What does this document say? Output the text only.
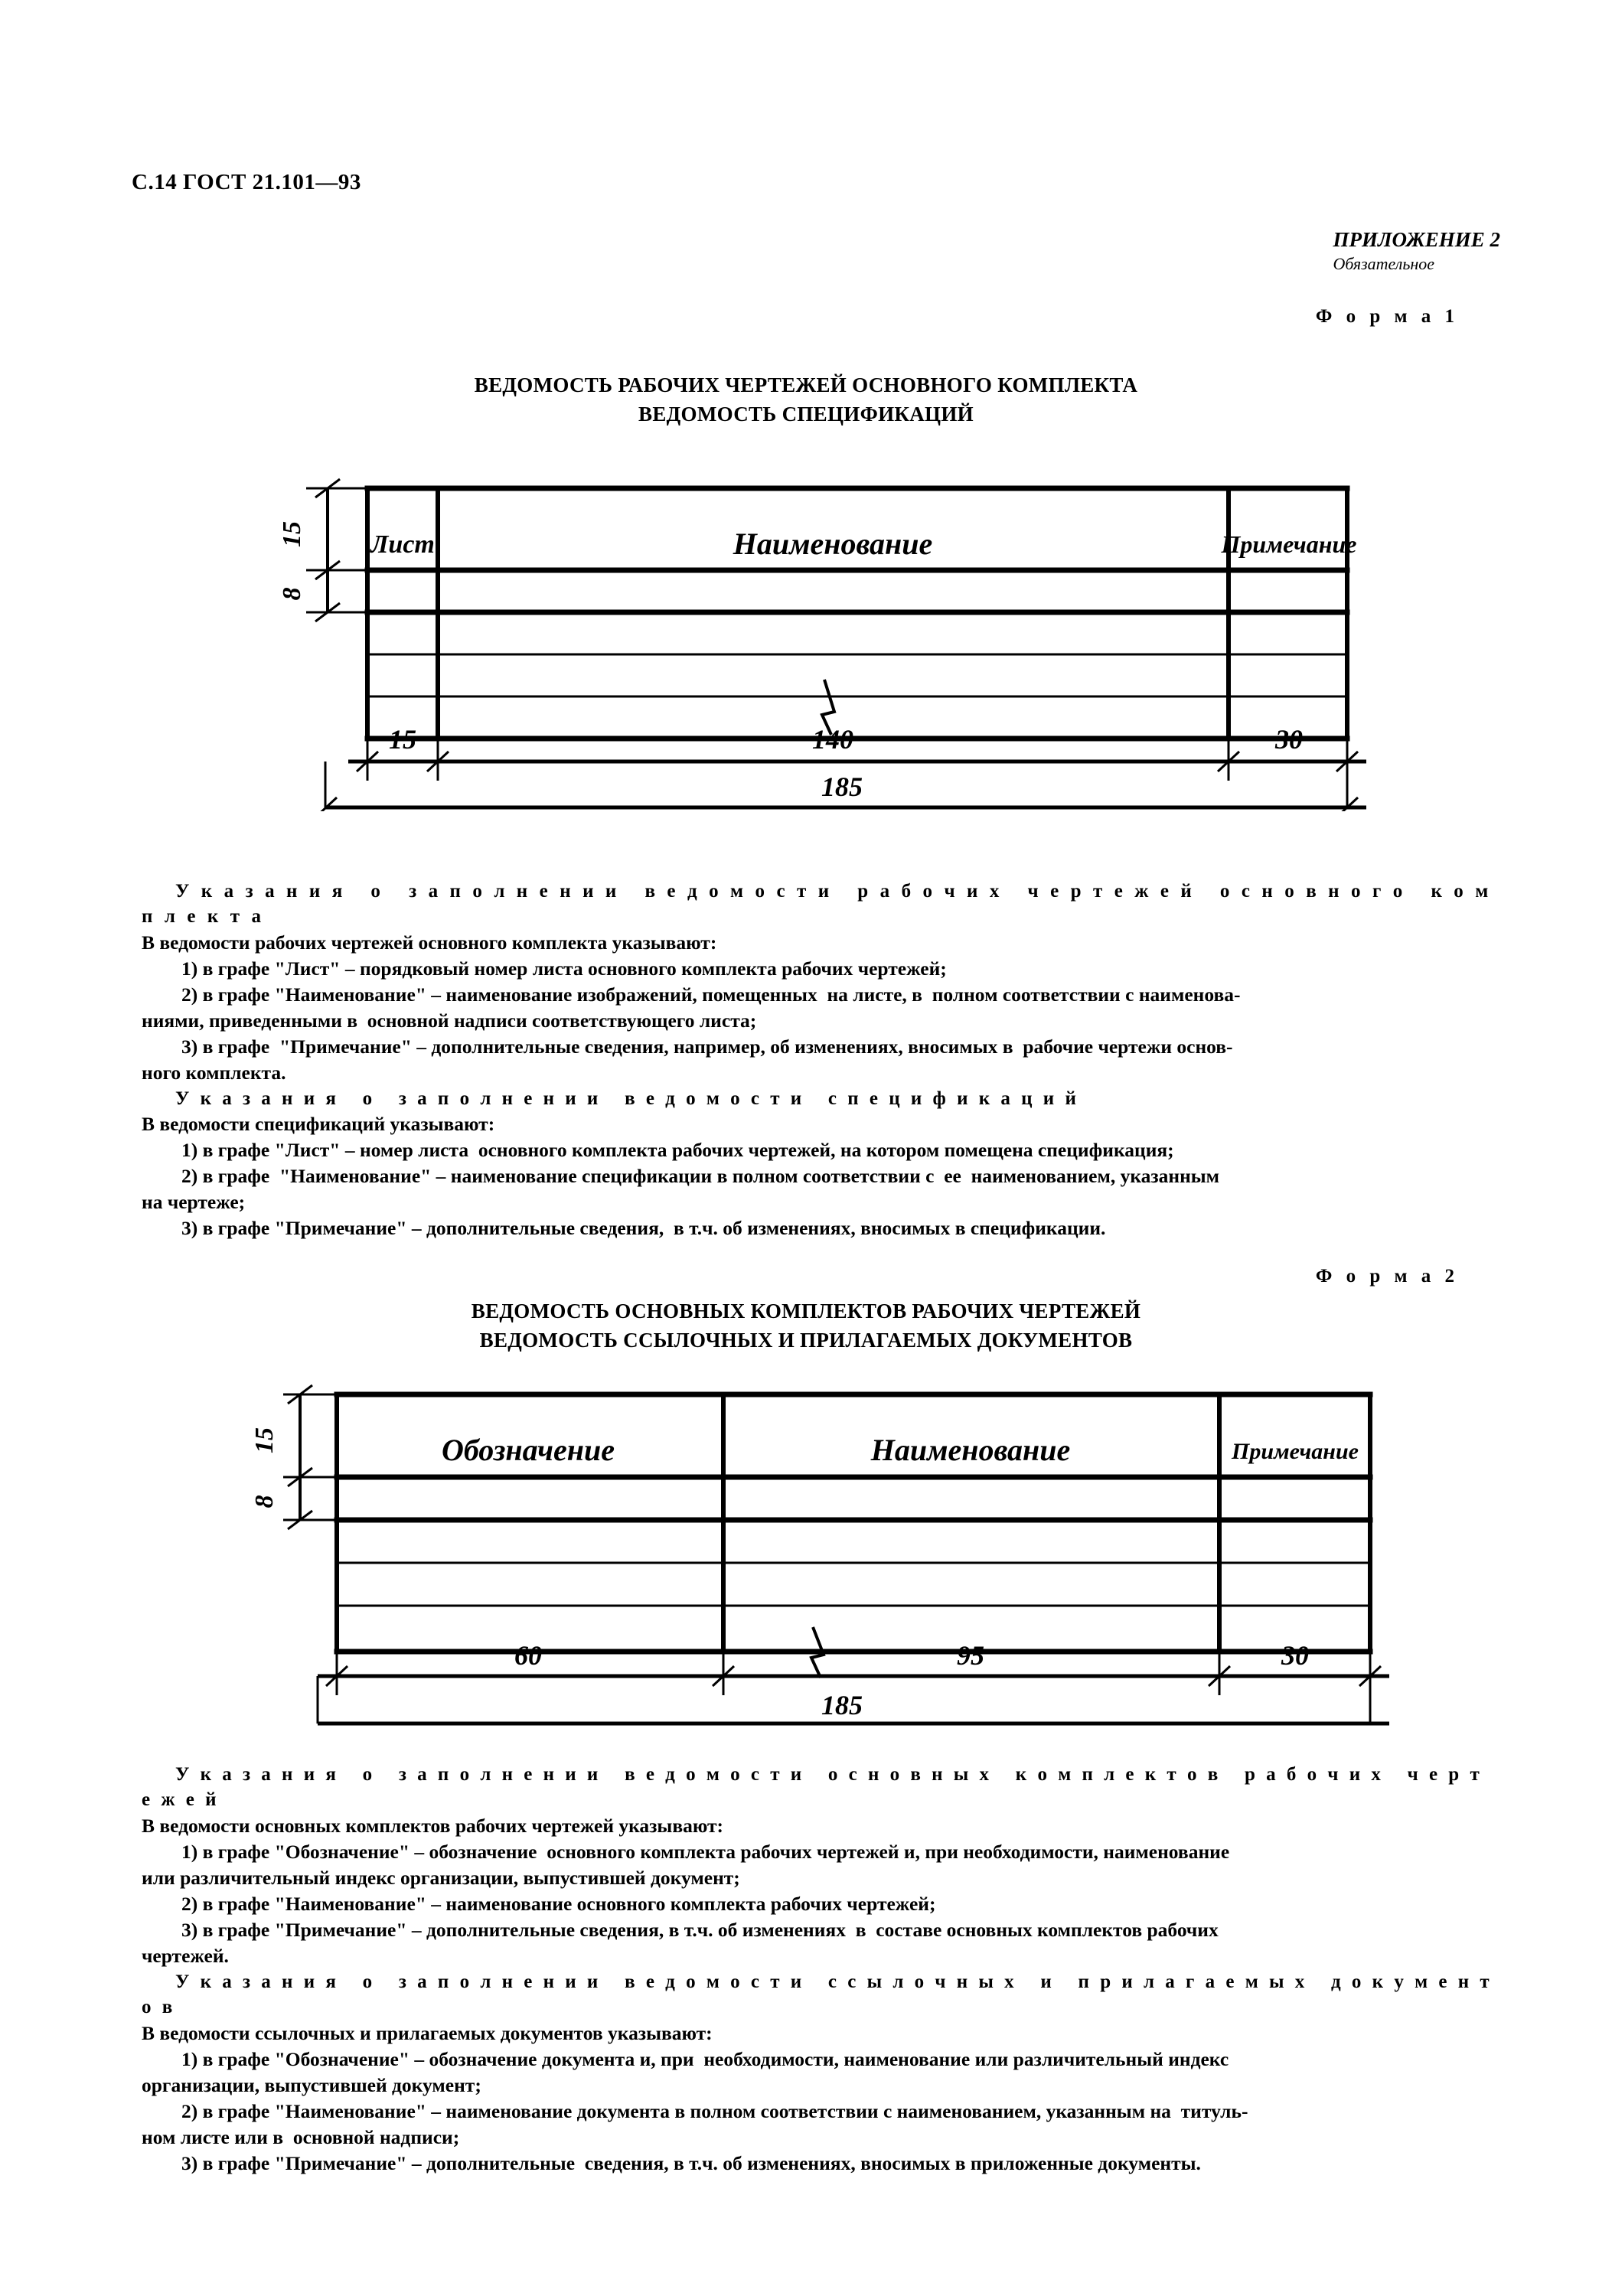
С.14 ГОСТ 21.101—93
ПРИЛОЖЕНИЕ 2
Обязательное
Ф о р м а 1
ВЕДОМОСТЬ РАБОЧИХ ЧЕРТЕЖЕЙ ОСНОВНОГО КОМПЛЕКТА
ВЕДОМОСТЬ СПЕЦИФИКАЦИЙ
15
8
Лист	Наименование	Примечание
15	140	30
185

У к а з а н и я   о   з а п о л н е н и и   в е д о м о с т и   р а б о ч и х   ч е р т е ж е й   о с н о в н о г о   к о м п л е к т а

В ведомости рабочих чертежей основного комплекта указывают:

1) в графе "Лист" – порядковый номер листа основного комплекта рабочих чертежей;

2) в графе "Наименование" – наименование изображений, помещенных  на листе, в  полном соответствии с наименова-

ниями, приведенными в  основной надписи соответствующего листа;

3) в графе  "Примечание" – дополнительные сведения, например, об изменениях, вносимых в  рабочие чертежи основ-

ного комплекта.

У к а з а н и я   о   з а п о л н е н и и   в е д о м о с т и   с п е ц и ф и к а ц и й

В ведомости спецификаций указывают:

1) в графе "Лист" – номер листа  основного комплекта рабочих чертежей, на котором помещена спецификация;

2) в графе  "Наименование" – наименование спецификации в полном соответствии с  ее  наименованием, указанным

на чертеже;

3) в графе "Примечание" – дополнительные сведения,  в т.ч. об изменениях, вносимых в спецификации.

Ф о р м а 2
ВЕДОМОСТЬ ОСНОВНЫХ КОМПЛЕКТОВ РАБОЧИХ ЧЕРТЕЖЕЙ
ВЕДОМОСТЬ ССЫЛОЧНЫХ И ПРИЛАГАЕМЫХ ДОКУМЕНТОВ
15
8
Обозначение	Наименование	Примечание
60	95	30
185

У к а з а н и я   о   з а п о л н е н и и   в е д о м о с т и   о с н о в н ы х   к о м п л е к т о в   р а б о ч и х   ч е р т е ж е й

В ведомости основных комплектов рабочих чертежей указывают:

1) в графе "Обозначение" – обозначение  основного комплекта рабочих чертежей и, при необходимости, наименование

или различительный индекс организации, выпустившей документ;

2) в графе "Наименование" – наименование основного комплекта рабочих чертежей;

3) в графе "Примечание" – дополнительные сведения, в т.ч. об изменениях  в  составе основных комплектов рабочих

чертежей.

У к а з а н и я   о   з а п о л н е н и и   в е д о м о с т и   с с ы л о ч н ы х   и   п р и л а г а е м ы х   д о к у м е н т о в

В ведомости ссылочных и прилагаемых документов указывают:

1) в графе "Обозначение" – обозначение документа и, при  необходимости, наименование или различительный индекс

организации, выпустившей документ;

2) в графе "Наименование" – наименование документа в полном соответствии с наименованием, указанным на  титуль-

ном листе или в  основной надписи;

3) в графе "Примечание" – дополнительные  сведения, в т.ч. об изменениях, вносимых в приложенные документы.
